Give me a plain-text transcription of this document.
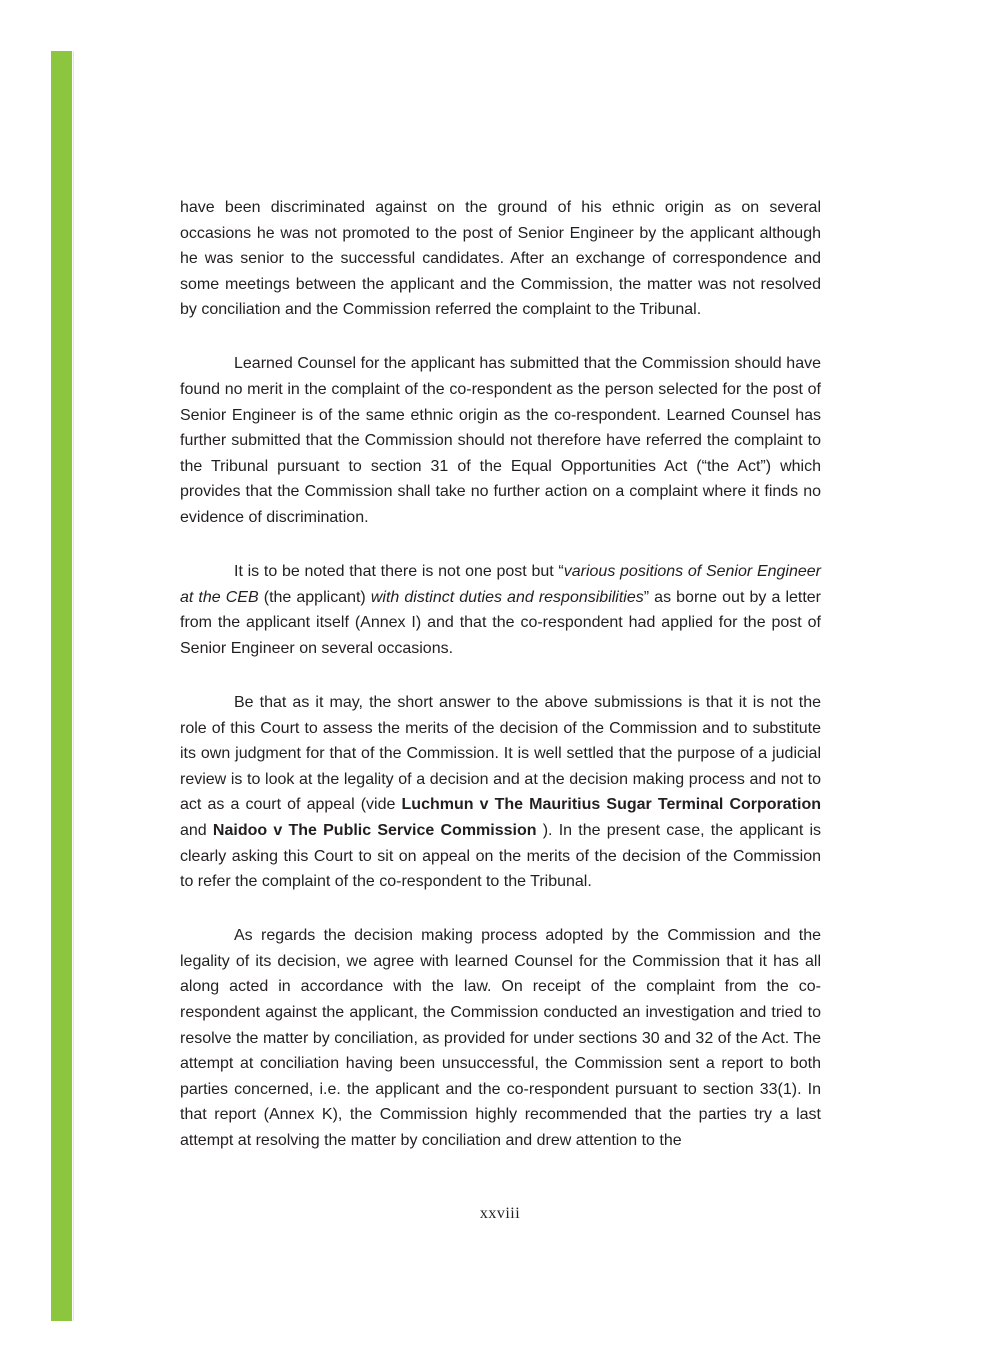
have been discriminated against on the ground of his ethnic origin as on several occasions he was not promoted to the post of Senior Engineer by the applicant although he was senior to the successful candidates. After an exchange of correspondence and some meetings between the applicant and the Commission, the matter was not resolved by conciliation and the Commission referred the complaint to the Tribunal.

Learned Counsel for the applicant has submitted that the Commission should have found no merit in the complaint of the co-respondent as the person selected for the post of Senior Engineer is of the same ethnic origin as the co-respondent. Learned Counsel has further submitted that the Commission should not therefore have referred the complaint to the Tribunal pursuant to section 31 of the Equal Opportunities Act (“the Act”) which provides that the Commission shall take no further action on a complaint where it finds no evidence of discrimination.

It is to be noted that there is not one post but “various positions of Senior Engineer at the CEB (the applicant) with distinct duties and responsibilities” as borne out by a letter from the applicant itself (Annex I) and that the co-respondent had applied for the post of Senior Engineer on several occasions.

Be that as it may, the short answer to the above submissions is that it is not the role of this Court to assess the merits of the decision of the Commission and to substitute its own judgment for that of the Commission. It is well settled that the purpose of a judicial review is to look at the legality of a decision and at the decision making process and not to act as a court of appeal (vide Luchmun v The Mauritius Sugar Terminal Corporation and Naidoo v The Public Service Commission ). In the present case, the applicant is clearly asking this Court to sit on appeal on the merits of the decision of the Commission to refer the complaint of the co-respondent to the Tribunal.

As regards the decision making process adopted by the Commission and the legality of its decision, we agree with learned Counsel for the Commission that it has all along acted in accordance with the law. On receipt of the complaint from the co-respondent against the applicant, the Commission conducted an investigation and tried to resolve the matter by conciliation, as provided for under sections 30 and 32 of the Act. The attempt at conciliation having been unsuccessful, the Commission sent a report to both parties concerned, i.e. the applicant and the co-respondent pursuant to section 33(1). In that report (Annex K), the Commission highly recommended that the parties try a last attempt at resolving the matter by conciliation and drew attention to the

xxviii
